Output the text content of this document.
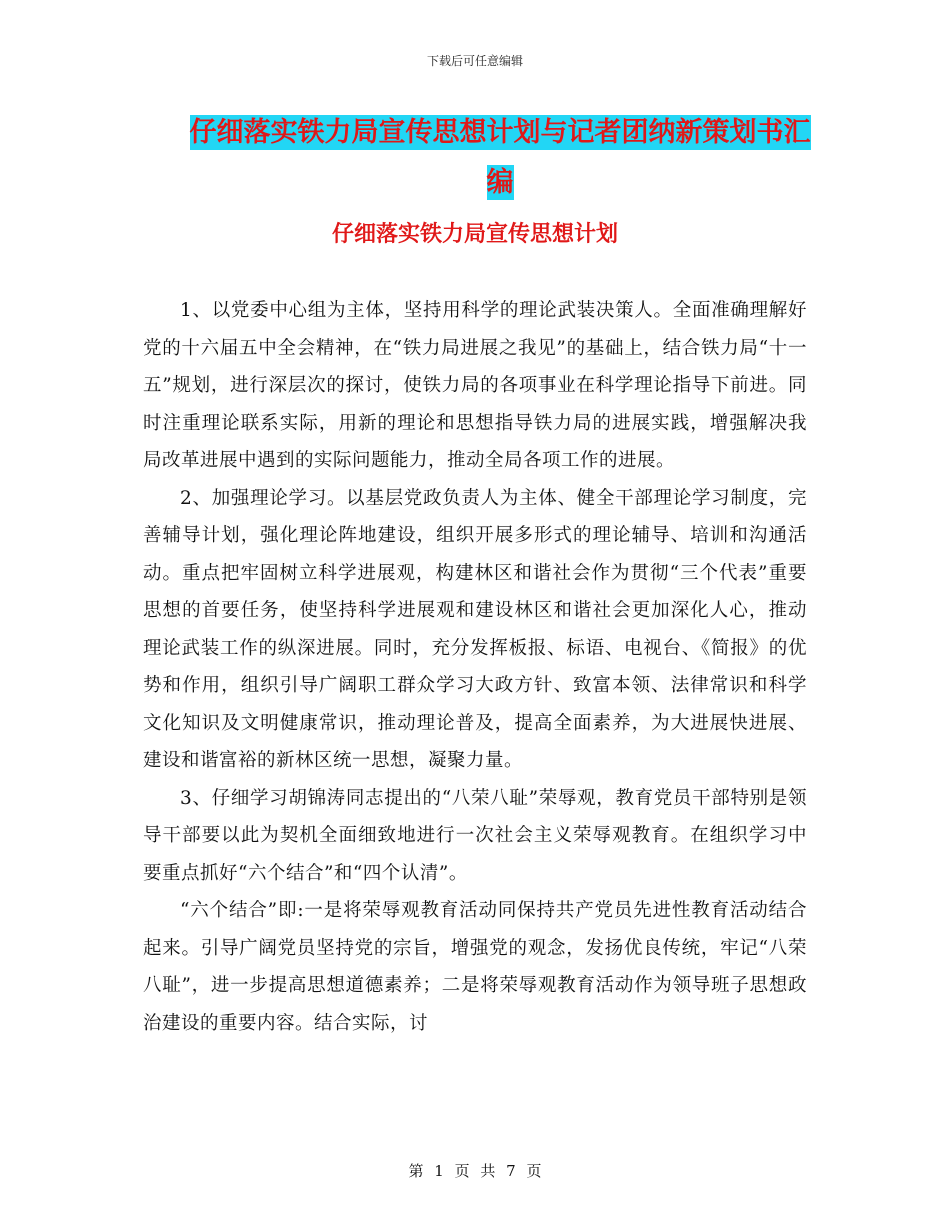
下载后可任意编辑
仔细落实铁力局宣传思想计划与记者团纳新策划书汇编
仔细落实铁力局宣传思想计划

1、以党委中心组为主体，坚持用科学的理论武装决策人。全面准确理解好党的十六届五中全会精神，在“铁力局进展之我见”的基础上，结合铁力局“十一五”规划，进行深层次的探讨，使铁力局的各项事业在科学理论指导下前进。同时注重理论联系实际，用新的理论和思想指导铁力局的进展实践，增强解决我局改革进展中遇到的实际问题能力，推动全局各项工作的进展。

2、加强理论学习。以基层党政负责人为主体、健全干部理论学习制度，完善辅导计划，强化理论阵地建设，组织开展多形式的理论辅导、培训和沟通活动。重点把牢固树立科学进展观，构建林区和谐社会作为贯彻“三个代表”重要思想的首要任务，使坚持科学进展观和建设林区和谐社会更加深化人心，推动理论武装工作的纵深进展。同时，充分发挥板报、标语、电视台、《简报》的优势和作用，组织引导广阔职工群众学习大政方针、致富本领、法律常识和科学文化知识及文明健康常识，推动理论普及，提高全面素养，为大进展快进展、建设和谐富裕的新林区统一思想，凝聚力量。

3、仔细学习胡锦涛同志提出的“八荣八耻”荣辱观，教育党员干部特别是领导干部要以此为契机全面细致地进行一次社会主义荣辱观教育。在组织学习中要重点抓好“六个结合”和“四个认清”。

“六个结合”即:一是将荣辱观教育活动同保持共产党员先进性教育活动结合起来。引导广阔党员坚持党的宗旨，增强党的观念，发扬优良传统，牢记“八荣八耻”，进一步提高思想道德素养；二是将荣辱观教育活动作为领导班子思想政治建设的重要内容。结合实际，讨

第 1 页 共 7 页
